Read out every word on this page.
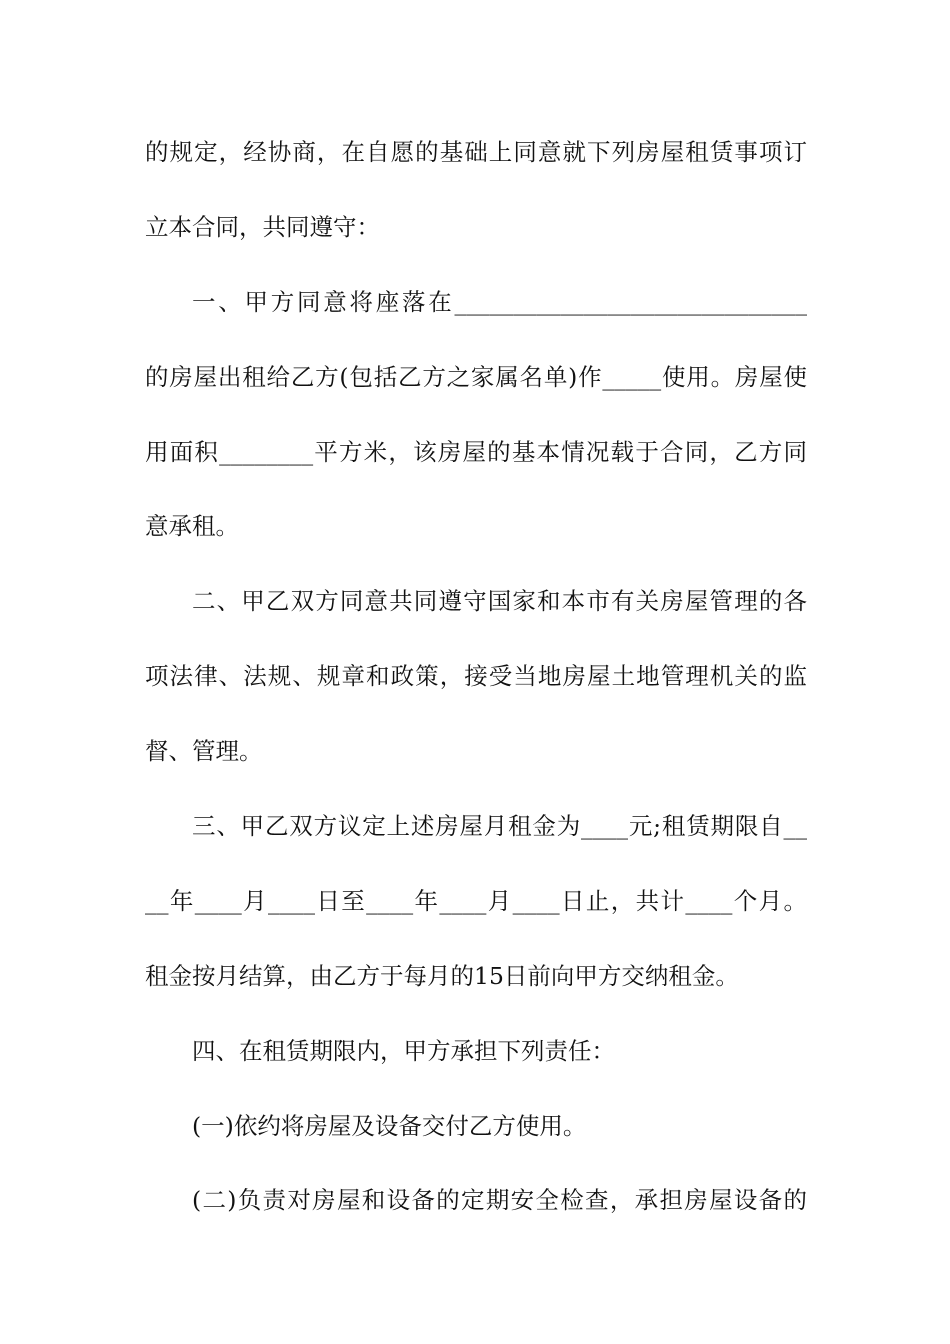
的规定，经协商，在自愿的基础上同意就下列房屋租赁事项订
立本合同，共同遵守：
一、甲方同意将座落在______________________________
的房屋出租给乙方(包括乙方之家属名单)作_____使用。房屋使
用面积________平方米，该房屋的基本情况载于合同，乙方同
意承租。
二、甲乙双方同意共同遵守国家和本市有关房屋管理的各
项法律、法规、规章和政策，接受当地房屋土地管理机关的监
督、管理。
三、甲乙双方议定上述房屋月租金为____元;租赁期限自__
__年____月____日至____年____月____日止，共计____个月。
租金按月结算，由乙方于每月的15日前向甲方交纳租金。
四、在租赁期限内，甲方承担下列责任：
(一)依约将房屋及设备交付乙方使用。
(二)负责对房屋和设备的定期安全检查，承担房屋设备的
